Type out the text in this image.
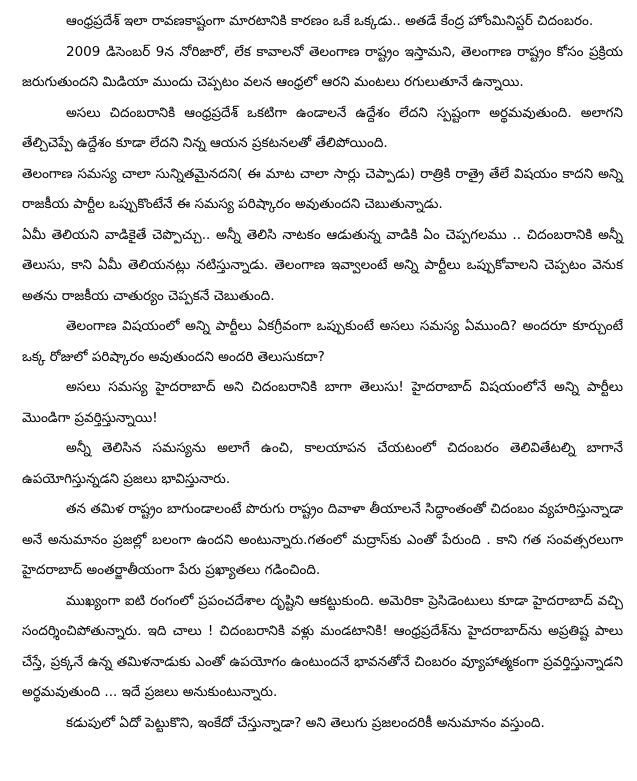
ఆంధ్రప్రదేశ్ ఇలా రావణకాష్టంగా మారటానికి కారణం ఒకే ఒక్కడు.. అతడే కేంద్ర హోంమినిస్టర్ చిదంబరం.

2009 డిసెంబర్ 9న నోరిజారో, లేక కావాలనో తెలంగాణ రాష్ట్రం ఇస్తామని, తెలంగాణ రాష్ట్రం కోసం ప్రక్రియ జరుగుతుందని మిడియా ముందు చెప్పటం వలన ఆంధ్రలో ఆరని మంటలు రగులుతూనే ఉన్నాయి.

అసలు చిదంబరానికి ఆంధ్రప్రదేశ్ ఒకటిగా ఉండాలనే ఉద్దేశం లేదని స్పష్టంగా అర్థమవుతుంది. అలాగని తేల్చిచెప్పే ఉద్దేశం కూడా లేదని నిన్న ఆయన ప్రకటనలతో తేలిపోయింది.

తెలంగాణ సమస్య చాలా సున్నితమైనదని( ఈ మాట చాలా సార్లు చెప్పాడు) రాత్రికి రాత్రై తేలే విషయం కాదని అన్ని రాజకీయ పార్టీల ఒప్పుకొంటేనే ఈ సమస్య పరిష్కారం అవుతుందని చెబుతున్నాడు.

ఏమీ తెలియని వాడికైతే చెప్పొచ్చు.. అన్నీ తెలిసి నాటకం ఆడుతున్న వాడికి ఏం చెప్పగలము .. చిదంబరానికి అన్నీ తెలుసు, కాని ఏమీ తెలియనట్లు నటిస్తున్నాడు. తెలంగాణ ఇవ్వాలంటే అన్ని పార్టీలు ఒప్పుకోవాలని చెప్పటం వెనుక అతను రాజకీయ చాతుర్యం చెప్పకనే చెబుతుంది.

తెలంగాణ విషయంలో అన్ని పార్టీలు ఏకగ్రీవంగా ఒప్పుకుంటే అసలు సమస్య ఏముంది? అందరూ కూర్చుంటే ఒక్క రోజులో పరిష్కారం అవుతుందని అందరి తెలుసుకదా?

అసలు సమస్య హైదరాబాద్ అని చిదంబరానికి బాగా తెలుసు! హైదరాబాద్ విషయంలోనే అన్ని పార్టీలు మొండిగా ప్రవర్తిస్తున్నాయి!

అన్నీ తెలిసిన సమస్యను అలాగే ఉంచి, కాలయాపన చేయటంలో చిదంబరం తెలివితేటల్ని బాగానే ఉపయోగిస్తున్నడని ప్రజలు భావిస్తునారు.

తన తమిళ రాష్ట్రం బాగుండాలంటే పొరుగు రాష్ట్రం దివాళా తీయాలనే సిద్ధాంతంతో చిదంబం వ్యహరిస్తున్నాడా అనే అనుమానం ప్రజల్లో బలంగా ఉందని అంటున్నారు.గతంలో మద్రాస్‌కు ఎంతో పేరుంది . కాని గత సంవత్సరలుగా హైదరాబాద్ అంతర్జాతీయంగా పేరు ప్రఖ్యాతలు గడించింది.

ముఖ్యంగా ఐటి రంగంలో ప్రపంచదేశాల దృష్టిని ఆకట్టుకుంది. అమెరికా ప్రెసిడెంటులు కూడా హైదరాబాద్ వచ్చి సందర్శించిపోతున్నారు. ఇది చాలు ! చిదంబరానికి వళ్లు మండటానికి! ఆంధ్రప్రదేశ్‌ను హైదరాబాద్‌ను అప్రతిష్ట పాలు చేస్తే, ప్రక్కనే ఉన్న తమిళనాడుకు ఎంతో ఉపయోగం ఉంటుందనే భావనతోనే చింబరం వ్యూహాత్మకంగా ప్రవర్తిస్తున్నాడని అర్థమవుతుంది ... ఇదే ప్రజలు అనుకుంటున్నారు.

కడుపులో ఏదో పెట్టుకొని, ఇంకేదో చేస్తున్నాడా? అని తెలుగు ప్రజలందరికీ అనుమానం వస్తుంది.
